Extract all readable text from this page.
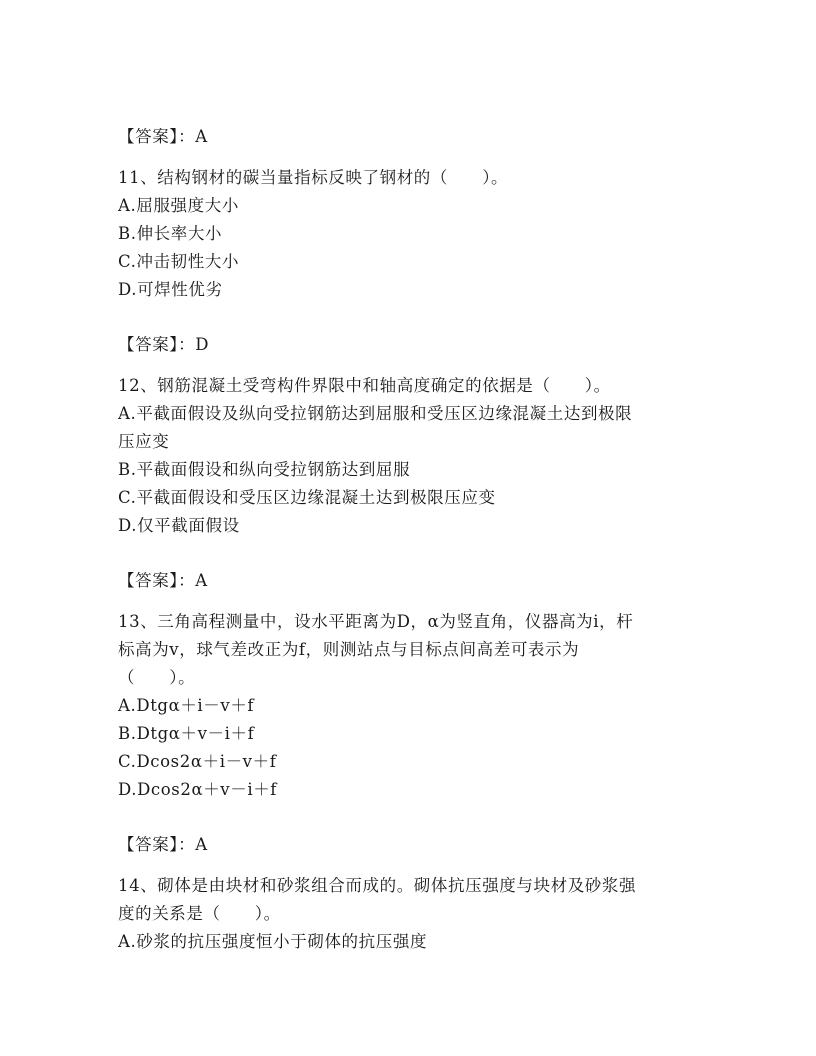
【答案】：A
11、结构钢材的碳当量指标反映了钢材的（　　）。
A.屈服强度大小
B.伸长率大小
C.冲击韧性大小
D.可焊性优劣
【答案】：D
12、钢筋混凝土受弯构件界限中和轴高度确定的依据是（　　）。
A.平截面假设及纵向受拉钢筋达到屈服和受压区边缘混凝土达到极限
压应变
B.平截面假设和纵向受拉钢筋达到屈服
C.平截面假设和受压区边缘混凝土达到极限压应变
D.仅平截面假设
【答案】：A
13、三角高程测量中，设水平距离为D，α为竖直角，仪器高为i，杆
标高为v，球气差改正为f，则测站点与目标点间高差可表示为
（　　）。
A.Dtgα＋i－v＋f
B.Dtgα＋v－i＋f
C.Dcos2α＋i－v＋f
D.Dcos2α＋v－i＋f
【答案】：A
14、砌体是由块材和砂浆组合而成的。砌体抗压强度与块材及砂浆强
度的关系是（　　）。
A.砂浆的抗压强度恒小于砌体的抗压强度
